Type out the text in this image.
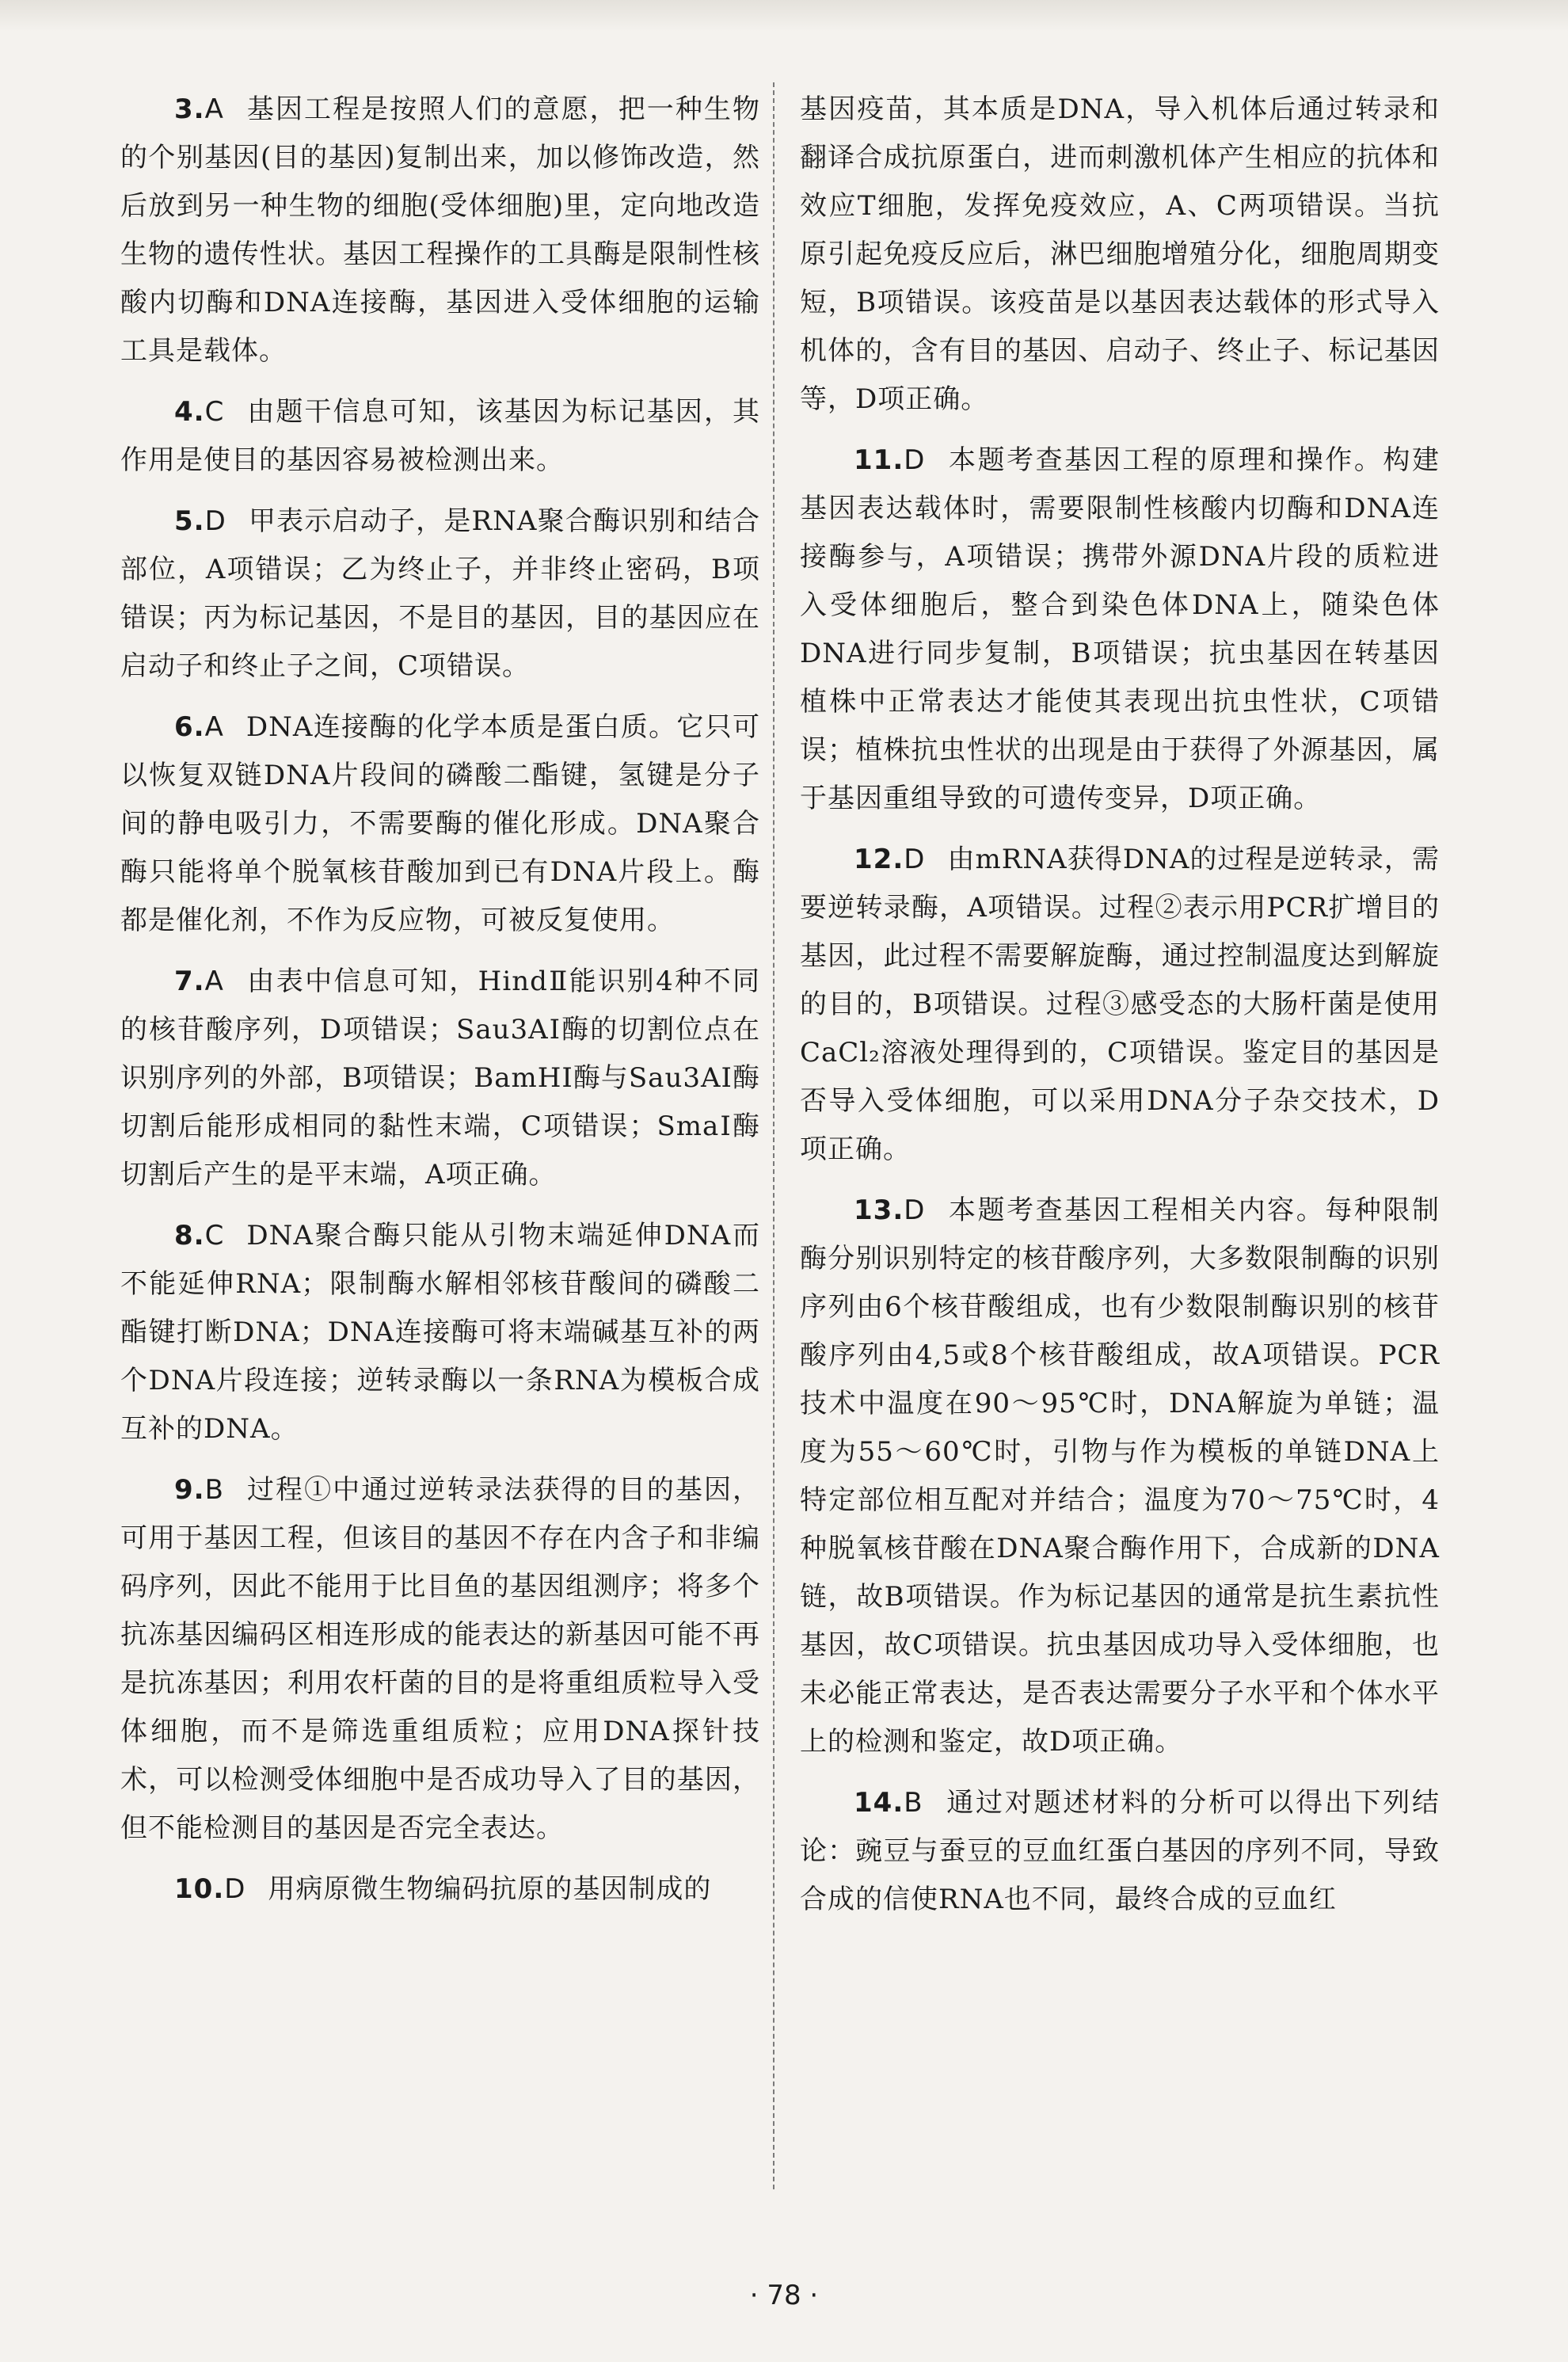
3.A 基因工程是按照人们的意愿，把一种生物的个别基因(目的基因)复制出来，加以修饰改造，然后放到另一种生物的细胞(受体细胞)里，定向地改造生物的遗传性状。基因工程操作的工具酶是限制性核酸内切酶和DNA连接酶，基因进入受体细胞的运输工具是载体。

4.C 由题干信息可知，该基因为标记基因，其作用是使目的基因容易被检测出来。

5.D 甲表示启动子，是RNA聚合酶识别和结合部位，A项错误；乙为终止子，并非终止密码，B项错误；丙为标记基因，不是目的基因，目的基因应在启动子和终止子之间，C项错误。

6.A DNA连接酶的化学本质是蛋白质。它只可以恢复双链DNA片段间的磷酸二酯键，氢键是分子间的静电吸引力，不需要酶的催化形成。DNA聚合酶只能将单个脱氧核苷酸加到已有DNA片段上。酶都是催化剂，不作为反应物，可被反复使用。

7.A 由表中信息可知，HindⅡ能识别4种不同的核苷酸序列，D项错误；Sau3AⅠ酶的切割位点在识别序列的外部，B项错误；BamHⅠ酶与Sau3AⅠ酶切割后能形成相同的黏性末端，C项错误；SmaⅠ酶切割后产生的是平末端，A项正确。

8.C DNA聚合酶只能从引物末端延伸DNA而不能延伸RNA；限制酶水解相邻核苷酸间的磷酸二酯键打断DNA；DNA连接酶可将末端碱基互补的两个DNA片段连接；逆转录酶以一条RNA为模板合成互补的DNA。

9.B 过程①中通过逆转录法获得的目的基因，可用于基因工程，但该目的基因不存在内含子和非编码序列，因此不能用于比目鱼的基因组测序；将多个抗冻基因编码区相连形成的能表达的新基因可能不再是抗冻基因；利用农杆菌的目的是将重组质粒导入受体细胞，而不是筛选重组质粒；应用DNA探针技术，可以检测受体细胞中是否成功导入了目的基因，但不能检测目的基因是否完全表达。

10.D 用病原微生物编码抗原的基因制成的

基因疫苗，其本质是DNA，导入机体后通过转录和翻译合成抗原蛋白，进而刺激机体产生相应的抗体和效应T细胞，发挥免疫效应，A、C两项错误。当抗原引起免疫反应后，淋巴细胞增殖分化，细胞周期变短，B项错误。该疫苗是以基因表达载体的形式导入机体的，含有目的基因、启动子、终止子、标记基因等，D项正确。

11.D 本题考查基因工程的原理和操作。构建基因表达载体时，需要限制性核酸内切酶和DNA连接酶参与，A项错误；携带外源DNA片段的质粒进入受体细胞后，整合到染色体DNA上，随染色体DNA进行同步复制，B项错误；抗虫基因在转基因植株中正常表达才能使其表现出抗虫性状，C项错误；植株抗虫性状的出现是由于获得了外源基因，属于基因重组导致的可遗传变异，D项正确。

12.D 由mRNA获得DNA的过程是逆转录，需要逆转录酶，A项错误。过程②表示用PCR扩增目的基因，此过程不需要解旋酶，通过控制温度达到解旋的目的，B项错误。过程③感受态的大肠杆菌是使用CaCl₂溶液处理得到的，C项错误。鉴定目的基因是否导入受体细胞，可以采用DNA分子杂交技术，D项正确。

13.D 本题考查基因工程相关内容。每种限制酶分别识别特定的核苷酸序列，大多数限制酶的识别序列由6个核苷酸组成，也有少数限制酶识别的核苷酸序列由4,5或8个核苷酸组成，故A项错误。PCR技术中温度在90～95℃时，DNA解旋为单链；温度为55～60℃时，引物与作为模板的单链DNA上特定部位相互配对并结合；温度为70～75℃时，4种脱氧核苷酸在DNA聚合酶作用下，合成新的DNA链，故B项错误。作为标记基因的通常是抗生素抗性基因，故C项错误。抗虫基因成功导入受体细胞，也未必能正常表达，是否表达需要分子水平和个体水平上的检测和鉴定，故D项正确。

14.B 通过对题述材料的分析可以得出下列结论：豌豆与蚕豆的豆血红蛋白基因的序列不同，导致合成的信使RNA也不同，最终合成的豆血红

· 78 ·
